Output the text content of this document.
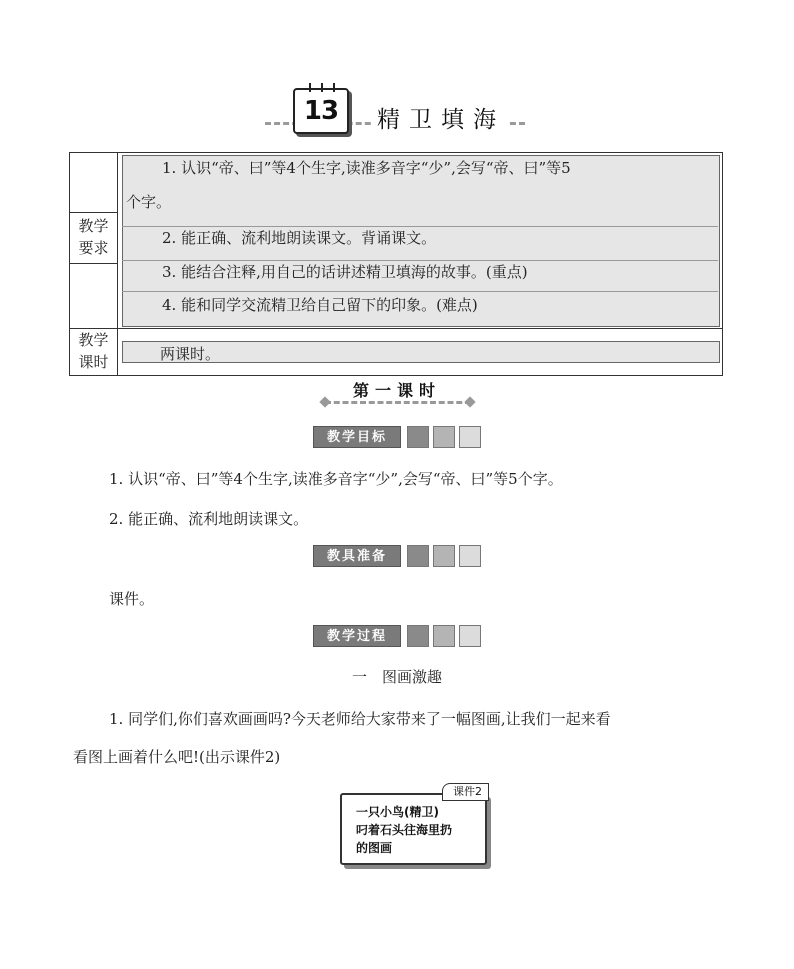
13	精卫填海
教学
要求
1. 认识“帝、曰”等4个生字,读准多音字“少”,会写“帝、曰”等5
个字。
2. 能正确、流利地朗读课文。背诵课文。
3. 能结合注释,用自己的话讲述精卫填海的故事。(重点)
4. 能和同学交流精卫给自己留下的印象。(难点)
教学
课时	两课时。
第一课时
教学目标
1. 认识“帝、曰”等4个生字,读准多音字“少”,会写“帝、曰”等5个字。
2. 能正确、流利地朗读课文。
教具准备
课件。
教学过程
一　图画激趣
1. 同学们,你们喜欢画画吗?今天老师给大家带来了一幅图画,让我们一起来看
看图上画着什么吧!(出示课件2)
课件2
一只小鸟(精卫)
叼着石头往海里扔
的图画
